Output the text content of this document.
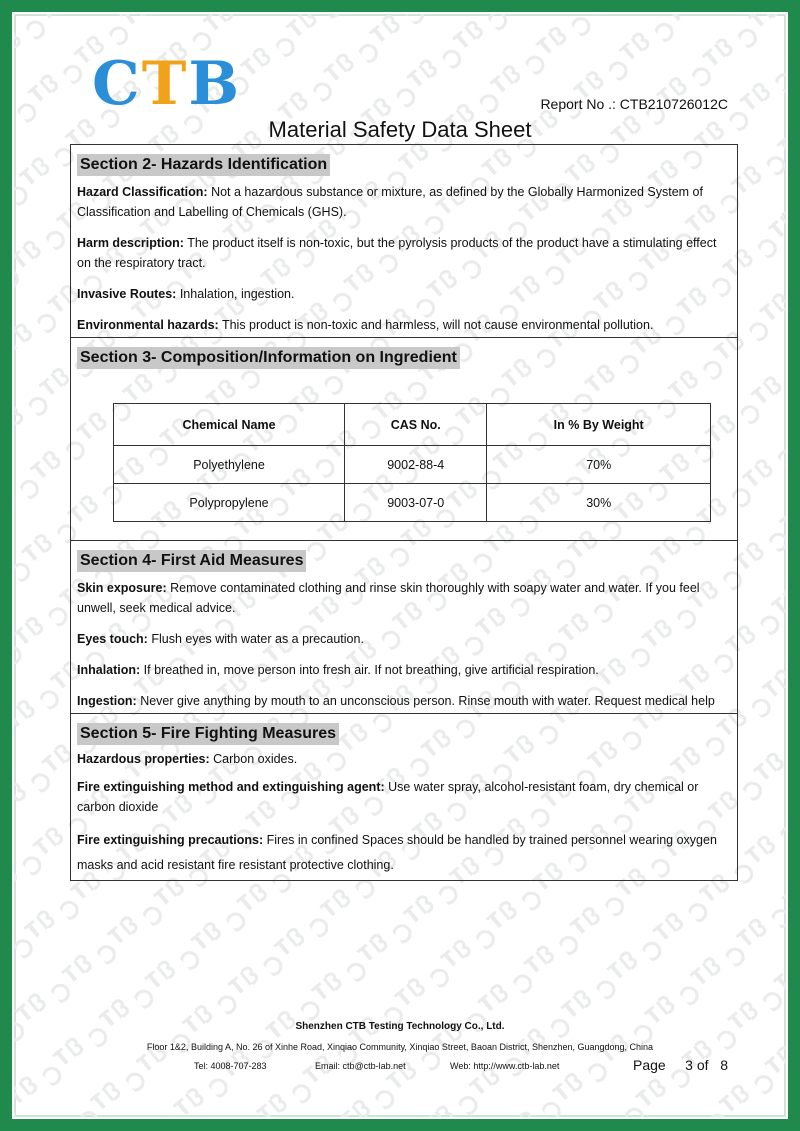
C T B	Report No .: CTB210726012C
Material Safety Data Sheet
Section 2- Hazards Identification

Hazard Classification: Not a hazardous substance or mixture, as defined by the Globally Harmonized System of Classification and Labelling of Chemicals (GHS).

Harm description: The product itself is non-toxic, but the pyrolysis products of the product have a stimulating effect on the respiratory tract.

Invasive Routes: Inhalation, ingestion.

Environmental hazards: This product is non-toxic and harmless, will not cause environmental pollution.

Section 3- Composition/Information on Ingredient
Chemical Name	CAS No.	In % By Weight
Polyethylene	9002-88-4	70%
Polypropylene	9003-07-0	30%
Section 4- First Aid Measures

Skin exposure: Remove contaminated clothing and rinse skin thoroughly with soapy water and water. If you feel unwell, seek medical advice.

Eyes touch: Flush eyes with water as a precaution.

Inhalation: If breathed in, move person into fresh air. If not breathing, give artificial respiration.

Ingestion: Never give anything by mouth to an unconscious person. Rinse mouth with water. Request medical help

Section 5- Fire Fighting Measures

Hazardous properties: Carbon oxides.

Fire extinguishing method and extinguishing agent: Use water spray, alcohol-resistant foam, dry chemical or carbon dioxide

Fire extinguishing precautions: Fires in confined Spaces should be handled by trained personnel wearing oxygen masks and acid resistant fire resistant protective clothing.

Shenzhen CTB Testing Technology Co., Ltd.
Floor 1&2, Building A, No. 26 of Xinhe Road, Xinqiao Community, Xinqiao Street, Baoan District, Shenzhen, Guangdong, China
Tel: 4008-707-283	Email: ctb@ctb-lab.net	Web: http://www.ctb-lab.net	Page 3 of 8
